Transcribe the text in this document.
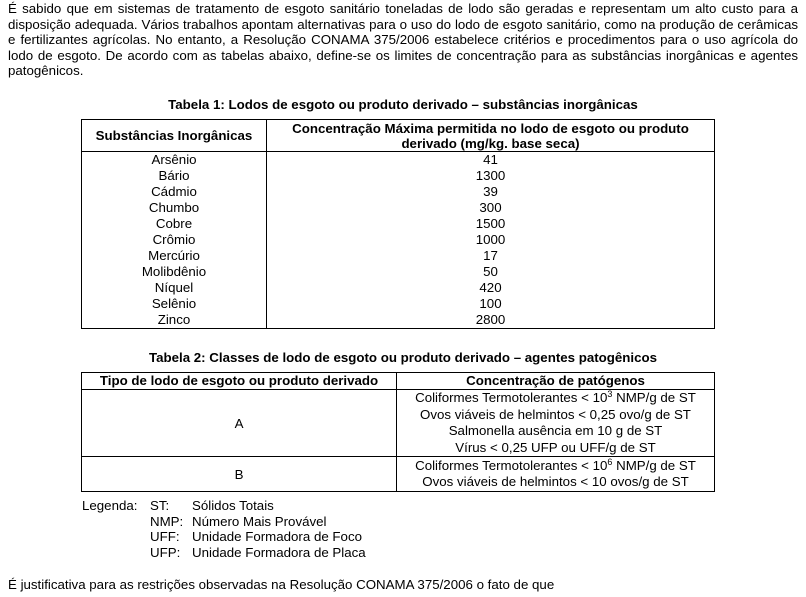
É sabido que em sistemas de tratamento de esgoto sanitário toneladas de lodo são geradas e representam um alto custo para a disposição adequada. Vários trabalhos apontam alternativas para o uso do lodo de esgoto sanitário, como na produção de cerâmicas e fertilizantes agrícolas. No entanto, a Resolução CONAMA 375/2006 estabelece critérios e procedimentos para o uso agrícola do lodo de esgoto. De acordo com as tabelas abaixo, define-se os limites de concentração para as substâncias inorgânicas e agentes patogênicos.

Tabela 1: Lodos de esgoto ou produto derivado – substâncias inorgânicas
Substâncias Inorgânicas	Concentração Máxima permitida no lodo de esgoto ou produto derivado (mg/kg. base seca)
Arsênio	41
Bário	1300
Cádmio	39
Chumbo	300
Cobre	1500
Crômio	1000
Mercúrio	17
Molibdênio	50
Níquel	420
Selênio	100
Zinco	2800
Tabela 2: Classes de lodo de esgoto ou produto derivado – agentes patogênicos
Tipo de lodo de esgoto ou produto derivado	Concentração de patógenos
A	Coliformes Termotolerantes < $10^3$ NMP/g de ST
Ovos viáveis de helmintos < 0,25 ovo/g de ST
Salmonella ausência em 10 g de ST
Vírus < 0,25 UFP ou UFF/g de ST

B	Coliformes Termotolerantes < $10^6$ NMP/g de ST
Ovos viáveis de helmintos < 10 ovos/g de ST
Legenda: ST:	Sólidos Totais
NMP: Número Mais Provável
UFF: Unidade Formadora de Foco
UFP: Unidade Formadora de Placa

É justificativa para as restrições observadas na Resolução CONAMA 375/2006 o fato de que
